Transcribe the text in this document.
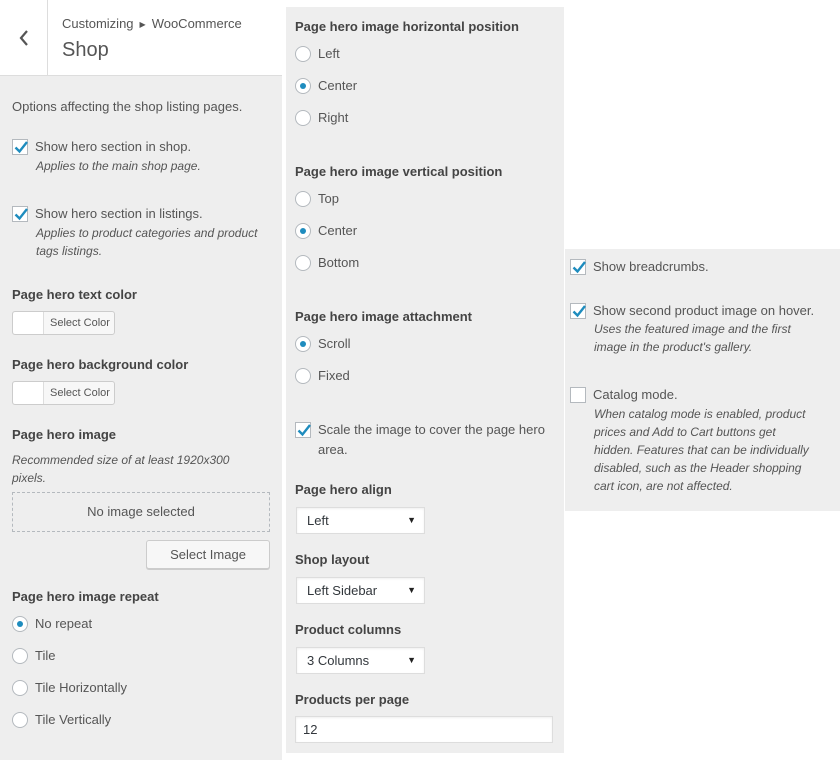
Customizing ▶ WooCommerce
Shop
Options affecting the shop listing pages.
Show hero section in shop.
Applies to the main shop page.
Show hero section in listings.
Applies to product categories and product
tags listings.
Page hero text color
Select Color
Page hero background color
Select Color
Page hero image
Recommended size of at least 1920x300
pixels.
No image selected
Select Image
Page hero image repeat
No repeat
Tile
Tile Horizontally
Tile Vertically
Page hero image horizontal position
Left
Center
Right
Page hero image vertical position
Top
Center
Bottom
Page hero image attachment
Scroll
Fixed
Scale the image to cover the page hero
area.
Page hero align
Left	▼
Shop layout
Left Sidebar	▼
Product columns
3 Columns	▼
Products per page
12
Show breadcrumbs.
Show second product image on hover.
Uses the featured image and the first
image in the product's gallery.
Catalog mode.
When catalog mode is enabled, product
prices and Add to Cart buttons get
hidden. Features that can be individually
disabled, such as the Header shopping
cart icon, are not affected.
